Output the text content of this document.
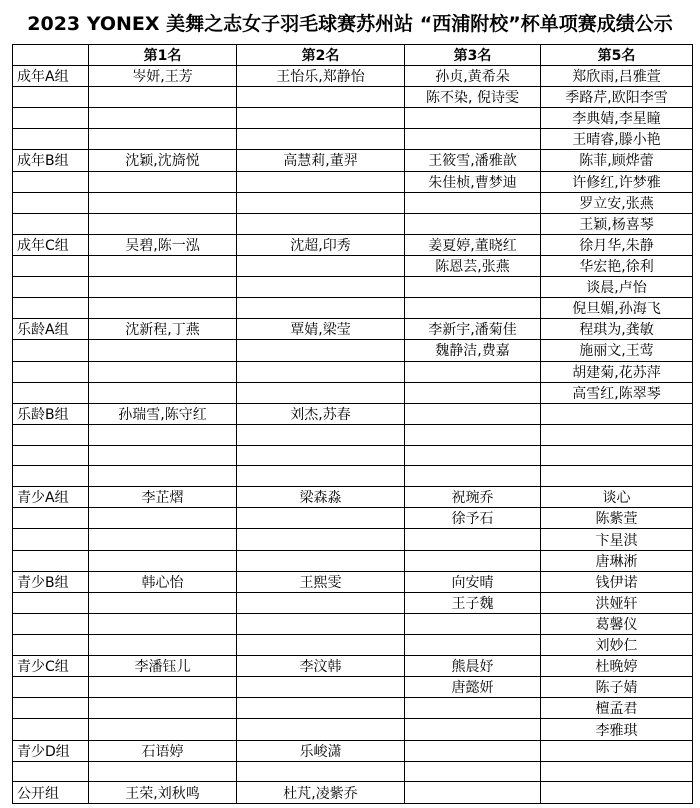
2023 YONEX 美舞之志女子羽毛球赛苏州站 “西浦附校”杯单项赛成绩公示
	第1名	第2名	第3名	第5名
成年A组	岑妍,王芳	王怡乐,郑静怡	孙贞,黄希朵	郑欣雨,吕雅萱
			陈不染, 倪诗雯	季路芹,欧阳李雪
				李典婧,李星瞳
				王晴睿,滕小艳
成年B组	沈颖,沈旖悦	高慧莉,董羿	王筱雪,潘雅歆	陈菲,顾烨蕾
			朱佳桢,曹梦迪	许修红,许梦雅
				罗立安,张燕
				王颖,杨喜琴
成年C组	吴碧,陈一泓	沈超,印秀	姜夏婷,董晓红	徐月华,朱静
			陈恩芸,张燕	华宏艳,徐利
				谈晨,卢怡
				倪旦媚,孙海飞
乐龄A组	沈新程,丁燕	覃婧,梁莹	李新宇,潘菊佳	程琪为,龚敏
			魏静洁,费嘉	施丽文,王莺
				胡建菊,花苏萍
				高雪红,陈翠琴
乐龄B组	孙瑞雪,陈守红	刘杰,苏春		

青少A组	李芷熠	梁森淼	祝琬乔	谈心
			徐予石	陈紫萱
				卞星淇
				唐琳淅
青少B组	韩心怡	王熙雯	向安晴	钱伊诺
			王子魏	洪娅轩
				葛馨仪
				刘妙仁
青少C组	李潘钰儿	李汶韩	熊晨妤	杜晚婷
			唐懿妍	陈子婧
				檀孟君
				李雅琪
青少D组	石语婷	乐峻潇		

公开组	王荣,刘秋鸣	杜芃,凌紫乔		
